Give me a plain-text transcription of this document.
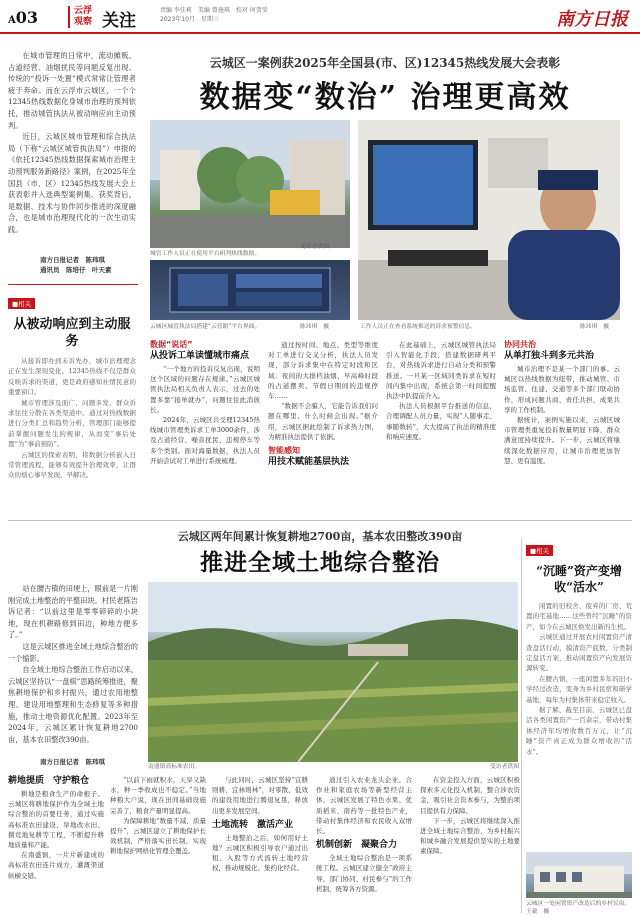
A03	云浮
观察 关注
责编 李佳莉　美编 曾施琪　校对 何贺莹
2023年10月　星期三	南方日报

在城市管理的日常中，流动摊贩、占道经营、油烟扰民等问题反复出现。传统的“投诉一处置”模式常常让管理者疲于奔命。而在云浮市云城区，一个个12345热线数据化身城市治理的预判依托，推动城管执法从被动响应向主动预判。

近日，云城区城市管理和综合执法局（下称“云城区城管执法局”）申报的《依托12345热线数据探索城市治理主动预判服务新路径》案例，在2025年全国县（市、区）12345热线发展大会上获表彰并入选典型案例集。获奖背后，是数据、技术与协作同步推进的深度融合，也是城市治理现代化的一次生动实践。

南方日报记者　陈玮琪
通讯员　陈培仔　叶天素
■相关
从被动响应到主动服务

从接诉即办到未诉先办，城市治理理念正在发生深刻变化。12345热线不仅是群众反映诉求的渠道，更是政府感知社情民意的重要窗口。

城市管理涉及面广、问题多发，群众诉求往往分散在各类渠道中。通过对热线数据进行分类汇总和趋势分析，管理部门能够提前掌握问题发生的规律，从而变“事后处置”为“事前预防”。

云城区的探索表明，将数据分析嵌入日常管理流程，能够有效提升治理效率，让群众的烦心事早发现、早解决。

云城区一案例获2025年全国县(市、区)12345热线发展大会表彰
数据变“数治” 治理更高效
城管工作人员正在使用平台研判热线数据。
受访者供图
云城区城管执法局搭建“云管眼”平台界面。	陈玮琪　摄	工作人员正在查看系统推送的诉求预警信息。	陈玮琪　摄
数据“说话”
从投诉工单读懂城市痛点

“一个地方的投诉反复出现，说明这个区域的问题存在规律。”云城区城管执法局相关负责人表示，过去的处置多靠“接单就办”，问题往往此消彼长。

2024年，云城区共受理12345热线城市管理类诉求工单3000余件，涉及占道经营、噪音扰民、违规停车等多个类别。面对海量数据，执法人员开始尝试对工单进行系统梳理。

通过按时间、地点、类型等维度对工单进行交叉分析，执法人员发现，部分诉求集中在特定时段和区域：夜间的大排档油烟、早高峰时段的占道摆卖、节假日期间的违规停车……

“数据不会骗人，它能告诉我们问题在哪里、什么时候会出现。”据介绍，云城区据此绘制了诉求热力图，为精准执法提供了依据。

智能感知
用技术赋能基层执法

在此基础上，云城区城管执法局引入智能化手段，搭建数据研判平台，对热线诉求进行自动分类和预警推送。一旦某一区域同类诉求在短时间内集中出现，系统会第一时间提醒执法中队提前介入。

执法人员根据平台推送的信息，合理调配人员力量，实现“人随事走、事随数转”，大大提高了执法的精准度和响应速度。

协同共治
从单打独斗到多元共治

城市治理不是某一个部门的事。云城区以热线数据为纽带，推动城管、市场监管、住建、交通等多个部门联动协作，形成问题共商、责任共担、成果共享的工作机制。

据统计，案例实施以来，云城区城市管理类重复投诉数量明显下降，群众满意度持续提升。下一步，云城区将继续深化数据应用，让城市治理更加智慧、更有温度。

云城区两年间累计恢复耕地2700亩，基本农田整改390亩
推进全域土地综合整治

站在腰古镇的田埂上，眼前是一片刚刚完成土地整治的平整田块。村民老陈告诉记者：“以前这里是零零碎碎的小块地，现在机耕路修到田边，种地方便多了。”

这是云城区推进全域土地综合整治的一个缩影。

自全域土地综合整治工作启动以来，云城区坚持以“一盘棋”思路统筹推进，聚焦耕地保护和乡村振兴，通过农用地整理、建设用地整理和生态修复等多种措施，推动土地资源优化配置。2023年至2024年，云城区累计恢复耕地2700亩，基本农田整改390亩。

南方日报记者　陈玮琪
南盛镇高标准农田。	受访者供图
耕地提质　守护粮仓

耕地是粮食生产的命根子。云城区将耕地保护作为全域土地综合整治的首要任务，通过实施高标准农田建设、旱地改水田、撂荒地复耕等工程，不断提升耕地质量和产能。

在南盛镇，一片片新建成的高标准农田连片成方，灌溉渠道纵横交错。

“以前下雨就积水，天旱又缺水，种一季收成也不稳定。”当地种粮大户说，现在田间基础设施完善了，粮食产量明显提高。

为保障耕地“数量不减、质量提升”，云城区建立了耕地保护长效机制，严格落实田长制，实现耕地保护网格化管理全覆盖。

与此同时，云城区坚持“宜耕则耕、宜林则林”，对零散、低效的建设用地进行腾退复垦，释放出更多发展空间。

土地流转　激活产业

土地整治之后，如何用好土地？云城区积极引导农户通过出租、入股等方式流转土地经营权，推动规模化、集约化经营。

通过引入农业龙头企业、合作社和家庭农场等新型经营主体，云城区发展了特色水果、优质稻米、南药等一批特色产业，带动村集体经济和农民收入双增长。

机制创新　凝聚合力

全域土地综合整治是一项系统工程。云城区建立健全“政府主导、部门协同、村民参与”的工作机制，统筹各方资源。

在资金投入方面，云城区积极探索多元化投入机制，整合涉农资金，吸引社会资本参与，为整治项目提供有力保障。

下一步，云城区将继续深入推进全域土地综合整治，为乡村振兴和城乡融合发展提供坚实的土地要素保障。

■相关
“沉睡”资产变增收“活水”

闲置的旧校舍、废弃的厂房、荒置的宅基地……这些曾经“沉睡”的资产，如今在云城区焕发出新的生机。

云城区通过开展农村闲置资产清查盘活行动，摸清资产底数，分类制定盘活方案，推动闲置资产向发展资源转变。

在腰古镇，一座闲置多年的旧小学经过改造，变身为乡村民宿和研学基地，每年为村集体带来稳定收入。

据了解，截至目前，云城区已盘活各类闲置资产一百余宗，带动村集体经济年均增收数百万元，让“沉睡”资产真正成为群众增收的“活水”。

云城区一处闲置资产改造后的乡村民宿。　王豪　摄
